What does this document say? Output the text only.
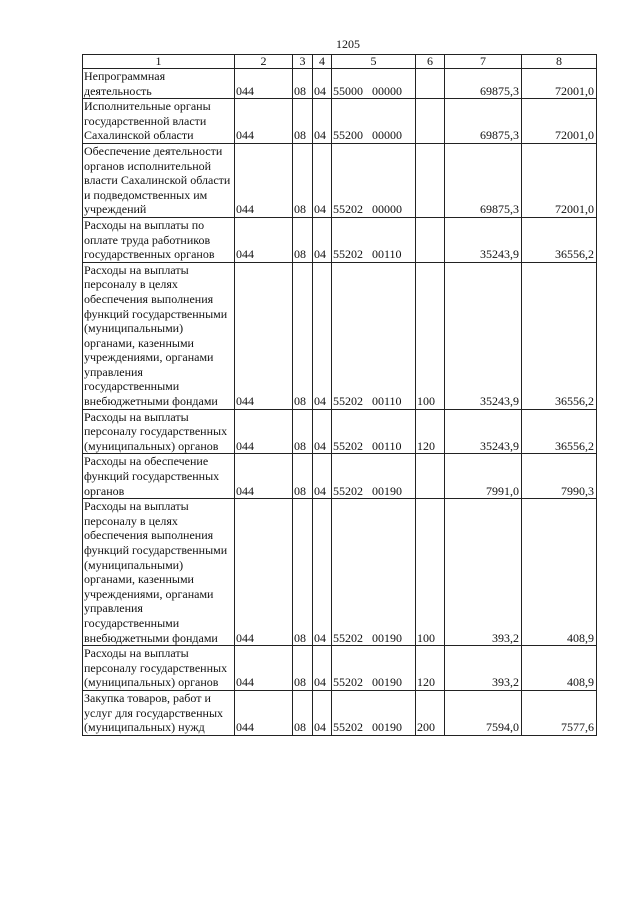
1205
1	2	3	4	5	6	7	8
Непрограммная деятельность	044	08	04	55000 00000		69875,3	72001,0
Исполнительные органы государственной власти Сахалинской области	044	08	04	55200 00000		69875,3	72001,0
Обеспечение деятельности органов исполнительной власти Сахалинской области и подведомственных им учреждений	044	08	04	55202 00000		69875,3	72001,0
Расходы на выплаты по оплате труда работников государственных органов	044	08	04	55202 00110		35243,9	36556,2
Расходы на выплаты персоналу в целях обеспечения выполнения функций государственными (муниципальными) органами, казенными учреждениями, органами управления государственными внебюджетными фондами	044	08	04	55202 00110	100	35243,9	36556,2
Расходы на выплаты персоналу государственных (муниципальных) органов	044	08	04	55202 00110	120	35243,9	36556,2
Расходы на обеспечение функций государственных органов	044	08	04	55202 00190		7991,0	7990,3
Расходы на выплаты персоналу в целях обеспечения выполнения функций государственными (муниципальными) органами, казенными учреждениями, органами управления государственными внебюджетными фондами	044	08	04	55202 00190	100	393,2	408,9
Расходы на выплаты персоналу государственных (муниципальных) органов	044	08	04	55202 00190	120	393,2	408,9
Закупка товаров, работ и услуг для государственных (муниципальных) нужд	044	08	04	55202 00190	200	7594,0	7577,6
